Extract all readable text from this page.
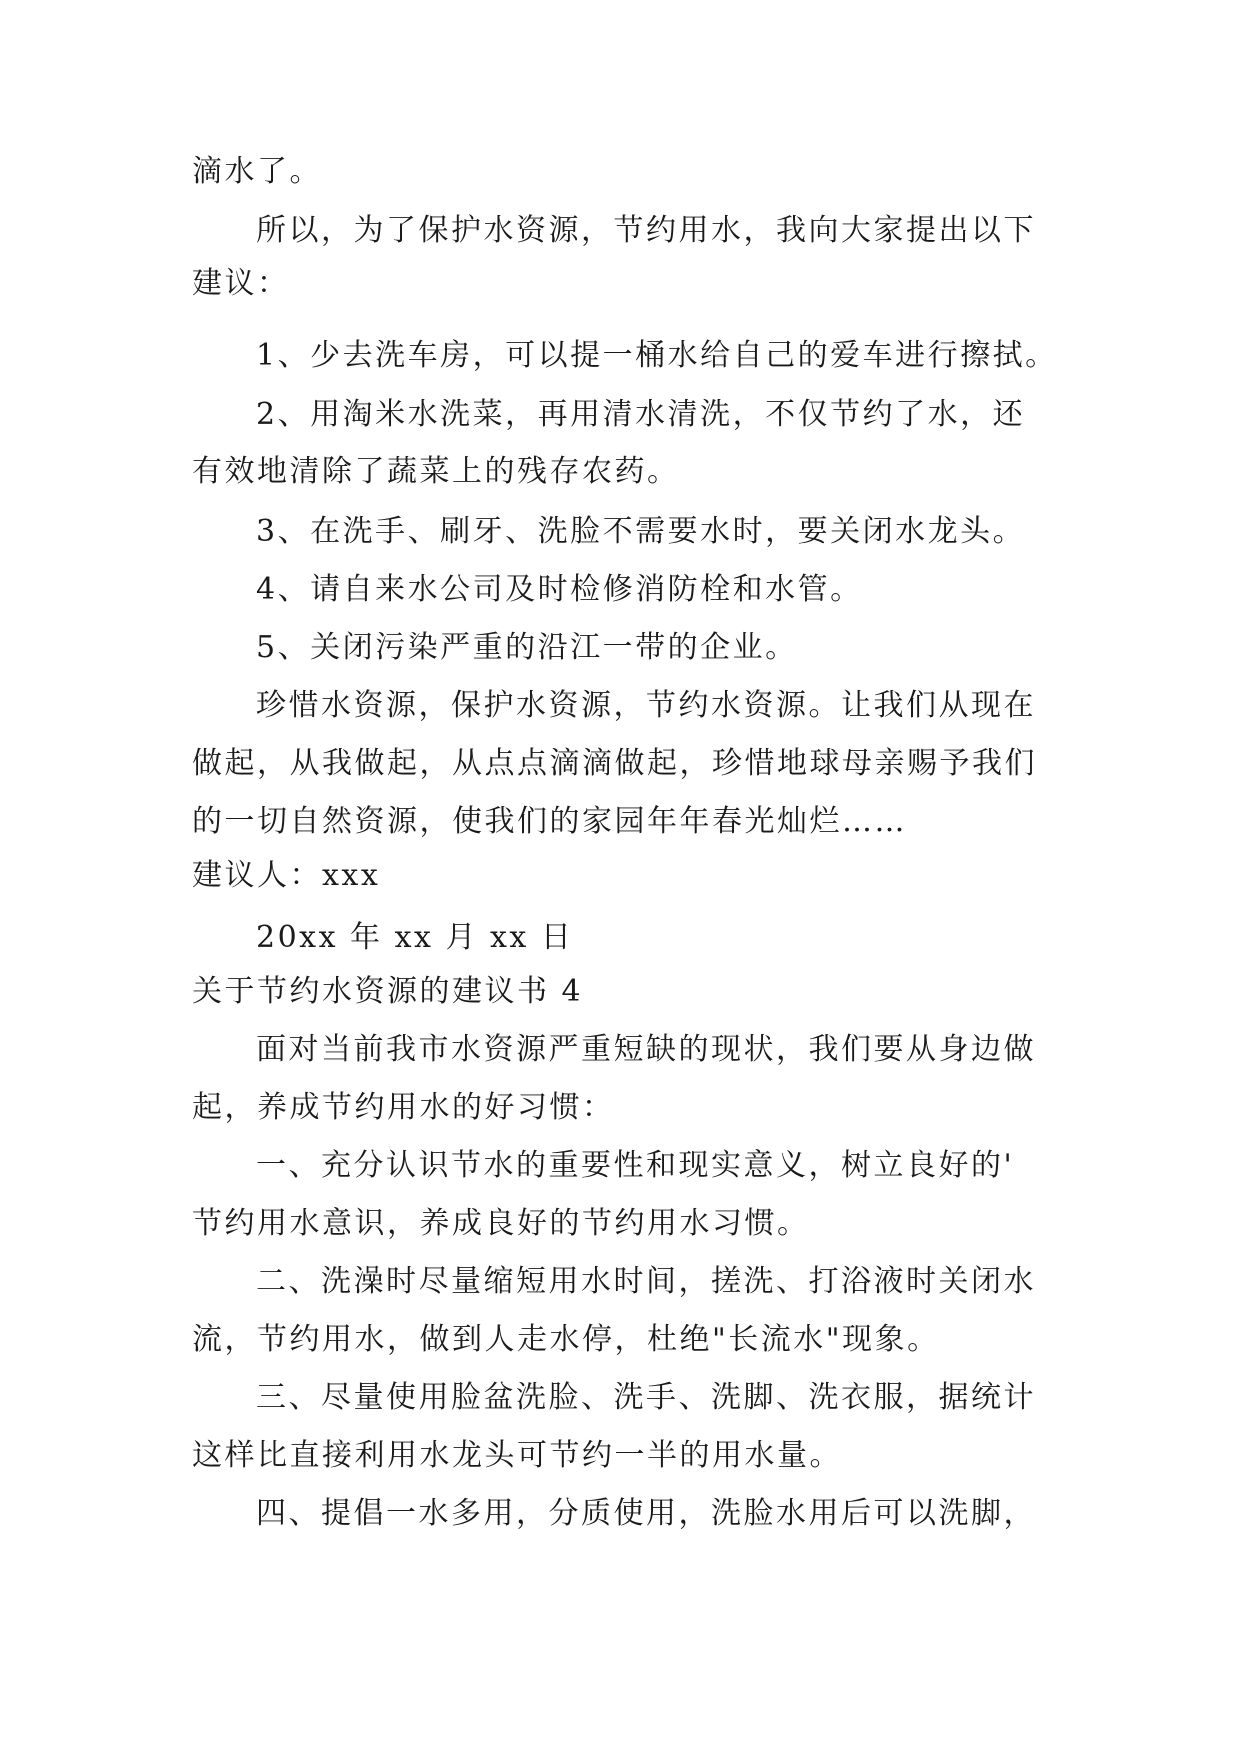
滴水了。
所以，为了保护水资源，节约用水，我向大家提出以下
建议：
1、少去洗车房，可以提一桶水给自己的爱车进行擦拭。
2、用淘米水洗菜，再用清水清洗，不仅节约了水，还
有效地清除了蔬菜上的残存农药。
3、在洗手、刷牙、洗脸不需要水时，要关闭水龙头。
4、请自来水公司及时检修消防栓和水管。
5、关闭污染严重的沿江一带的企业。
珍惜水资源，保护水资源，节约水资源。让我们从现在
做起，从我做起，从点点滴滴做起，珍惜地球母亲赐予我们
的一切自然资源，使我们的家园年年春光灿烂……
建议人：xxx
20xx 年 xx 月 xx 日
关于节约水资源的建议书 4
面对当前我市水资源严重短缺的现状，我们要从身边做
起，养成节约用水的好习惯：
一、充分认识节水的重要性和现实意义，树立良好的'
节约用水意识，养成良好的节约用水习惯。
二、洗澡时尽量缩短用水时间，搓洗、打浴液时关闭水
流，节约用水，做到人走水停，杜绝"长流水"现象。
三、尽量使用脸盆洗脸、洗手、洗脚、洗衣服，据统计
这样比直接利用水龙头可节约一半的用水量。
四、提倡一水多用，分质使用，洗脸水用后可以洗脚，
